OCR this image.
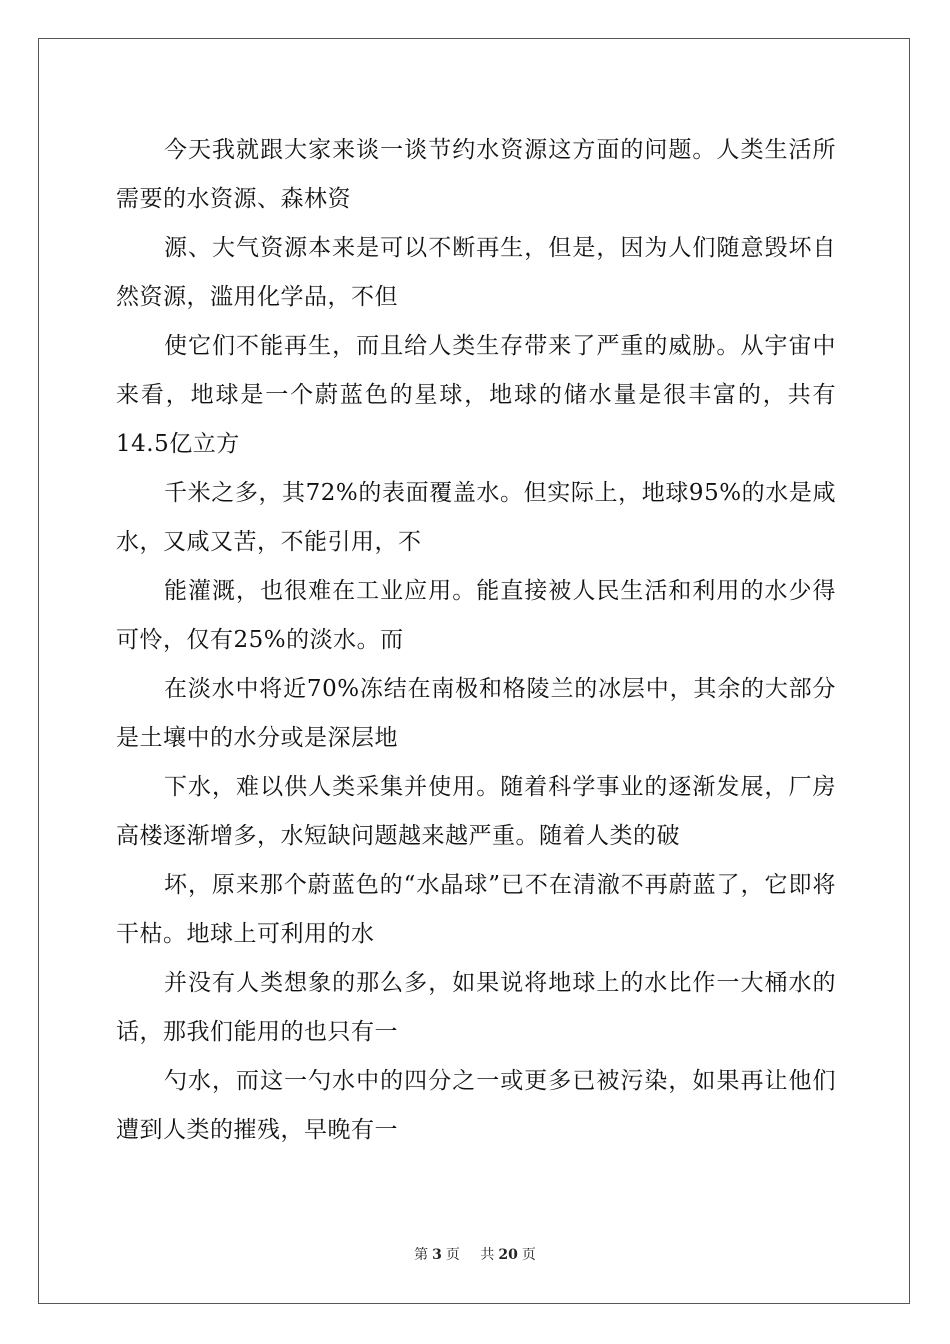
今天我就跟大家来谈一谈节约水资源这方面的问题。人类生活所需要的水资源、森林资

源、大气资源本来是可以不断再生，但是，因为人们随意毁坏自然资源，滥用化学品，不但

使它们不能再生，而且给人类生存带来了严重的威胁。从宇宙中来看，地球是一个蔚蓝色的星球，地球的储水量是很丰富的，共有14.5亿立方

千米之多，其72%的表面覆盖水。但实际上，地球95%的水是咸水，又咸又苦，不能引用，不

能灌溉，也很难在工业应用。能直接被人民生活和利用的水少得可怜，仅有25%的淡水。而

在淡水中将近70%冻结在南极和格陵兰的冰层中，其余的大部分是土壤中的水分或是深层地

下水，难以供人类采集并使用。随着科学事业的逐渐发展，厂房高楼逐渐增多，水短缺问题越来越严重。随着人类的破

坏，原来那个蔚蓝色的“水晶球”已不在清澈不再蔚蓝了，它即将干枯。地球上可利用的水

并没有人类想象的那么多，如果说将地球上的水比作一大桶水的话，那我们能用的也只有一

勺水，而这一勺水中的四分之一或更多已被污染，如果再让他们遭到人类的摧残，早晚有一

第 3 页 共 20 页
